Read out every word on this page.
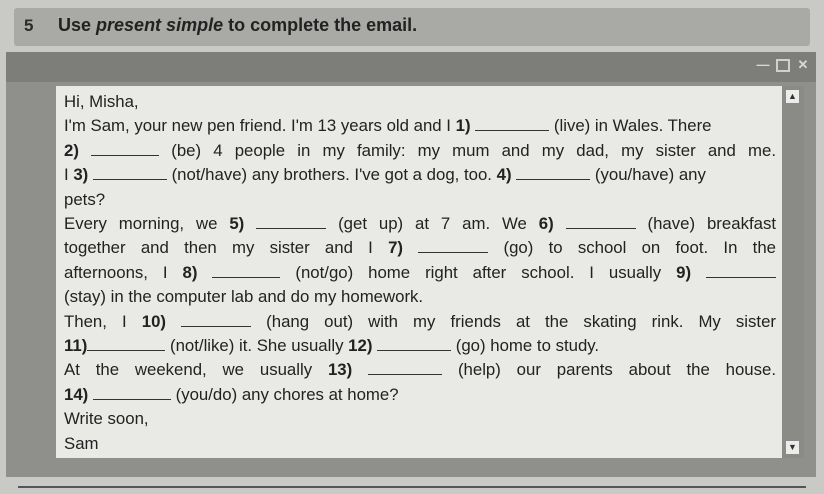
5 Use present simple to complete the email.
— ✕
Hi, Misha,
I'm Sam, your new pen friend. I'm 13 years old and I 1)	(live) in Wales. There
2)	(be) 4 people in my family: my mum and my dad, my sister and me.
I 3)	(not/have) any brothers. I've got a dog, too. 4)	(you/have) any
pets?
Every morning, we 5)	(get up) at 7 am. We 6)	(have) breakfast
together and then my sister and I 7)	(go) to school on foot. In the
afternoons, I 8)	(not/go) home right after school. I usually 9)
(stay) in the computer lab and do my homework.
Then, I 10)	(hang out) with my friends at the skating rink. My sister
11)	(not/like) it. She usually 12)	(go) home to study.
At the weekend, we usually 13)	(help) our parents about the house.
14)	(you/do) any chores at home?
Write soon,
Sam
▲
▼
